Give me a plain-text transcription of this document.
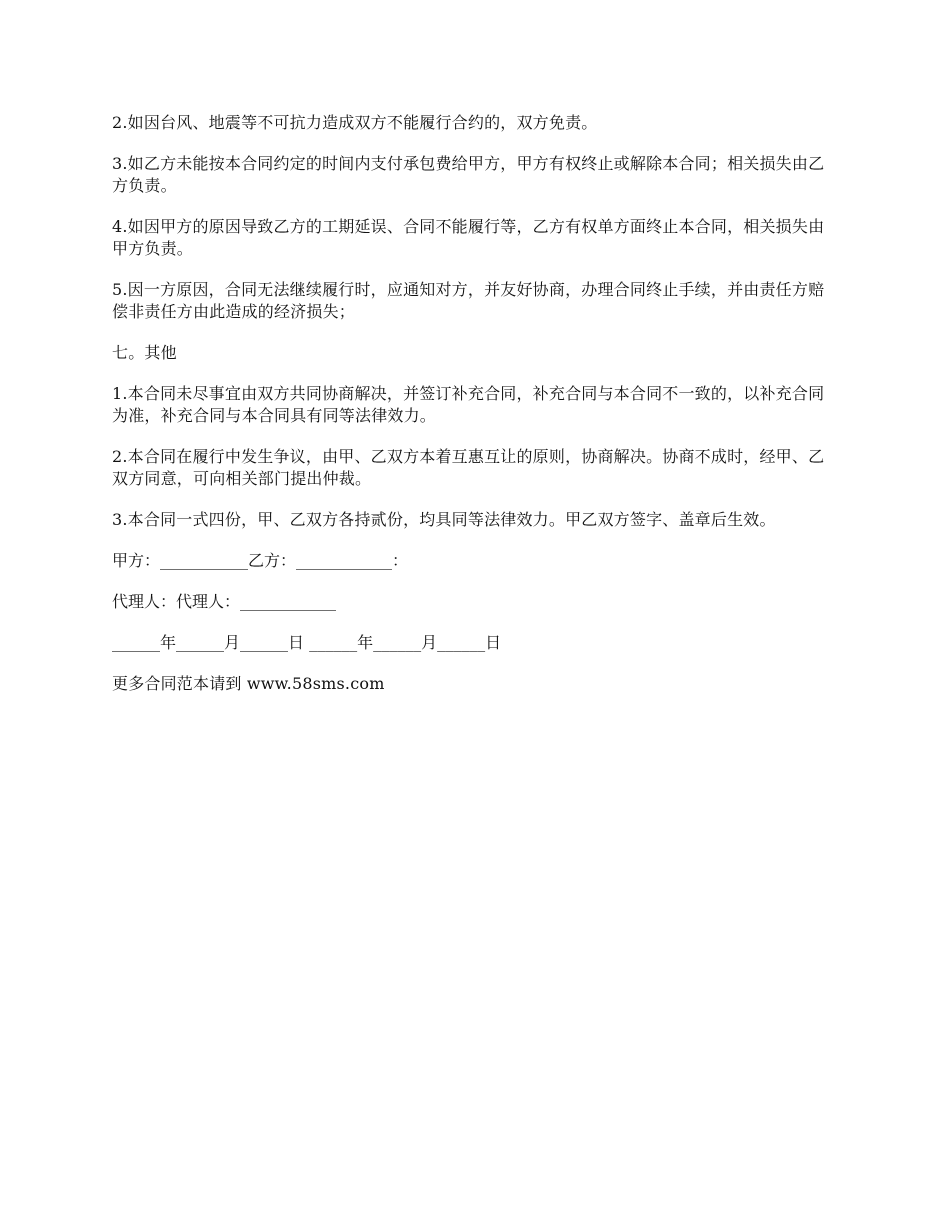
2.如因台风、地震等不可抗力造成双方不能履行合约的，双方免责。

3.如乙方未能按本合同约定的时间内支付承包费给甲方，甲方有权终止或解除本合同；相关损失由乙方负责。

4.如因甲方的原因导致乙方的工期延误、合同不能履行等，乙方有权单方面终止本合同，相关损失由甲方负责。

5.因一方原因，合同无法继续履行时，应通知对方，并友好协商，办理合同终止手续，并由责任方赔偿非责任方由此造成的经济损失；

七。其他

1.本合同未尽事宜由双方共同协商解决，并签订补充合同，补充合同与本合同不一致的，以补充合同为准，补充合同与本合同具有同等法律效力。

2.本合同在履行中发生争议，由甲、乙双方本着互惠互让的原则，协商解决。协商不成时，经甲、乙双方同意，可向相关部门提出仲裁。

3.本合同一式四份，甲、乙双方各持贰份，均具同等法律效力。甲乙双方签字、盖章后生效。

甲方：___________乙方：____________：

代理人：代理人：____________

______年______月______日 ______年______月______日

更多合同范本请到 www.58sms.com
